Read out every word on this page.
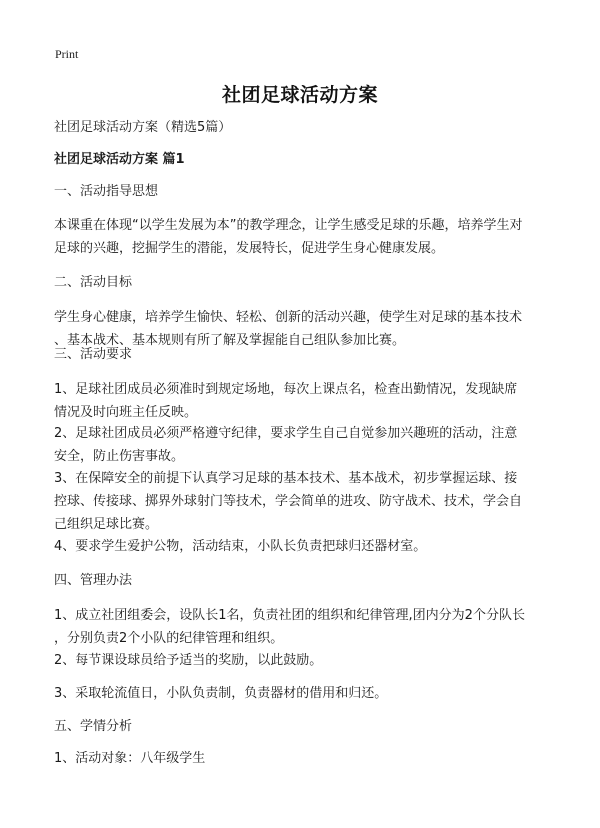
Print
社团足球活动方案

社团足球活动方案（精选5篇）

社团足球活动方案 篇1

一、活动指导思想

本课重在体现“以学生发展为本”的教学理念，让学生感受足球的乐趣，培养学生对
足球的兴趣，挖掘学生的潜能，发展特长，促进学生身心健康发展。

二、活动目标

学生身心健康，培养学生愉快、轻松、创新的活动兴趣，使学生对足球的基本技术
、基本战术、基本规则有所了解及掌握能自己组队参加比赛。

三、活动要求

1、足球社团成员必须准时到规定场地，每次上课点名，检查出勤情况，发现缺席
情况及时向班主任反映。

2、足球社团成员必须严格遵守纪律，要求学生自己自觉参加兴趣班的活动，注意
安全，防止伤害事故。

3、在保障安全的前提下认真学习足球的基本技术、基本战术，初步掌握运球、接
控球、传接球、掷界外球射门等技术，学会简单的进攻、防守战术、技术，学会自
己组织足球比赛。

4、要求学生爱护公物，活动结束，小队长负责把球归还器材室。

四、管理办法

1、成立社团组委会，设队长1名，负责社团的组织和纪律管理,团内分为2个分队长
，分别负责2个小队的纪律管理和组织。

2、每节课设球员给予适当的奖励，以此鼓励。

3、采取轮流值日，小队负责制，负责器材的借用和归还。

五、学情分析

1、活动对象：八年级学生
